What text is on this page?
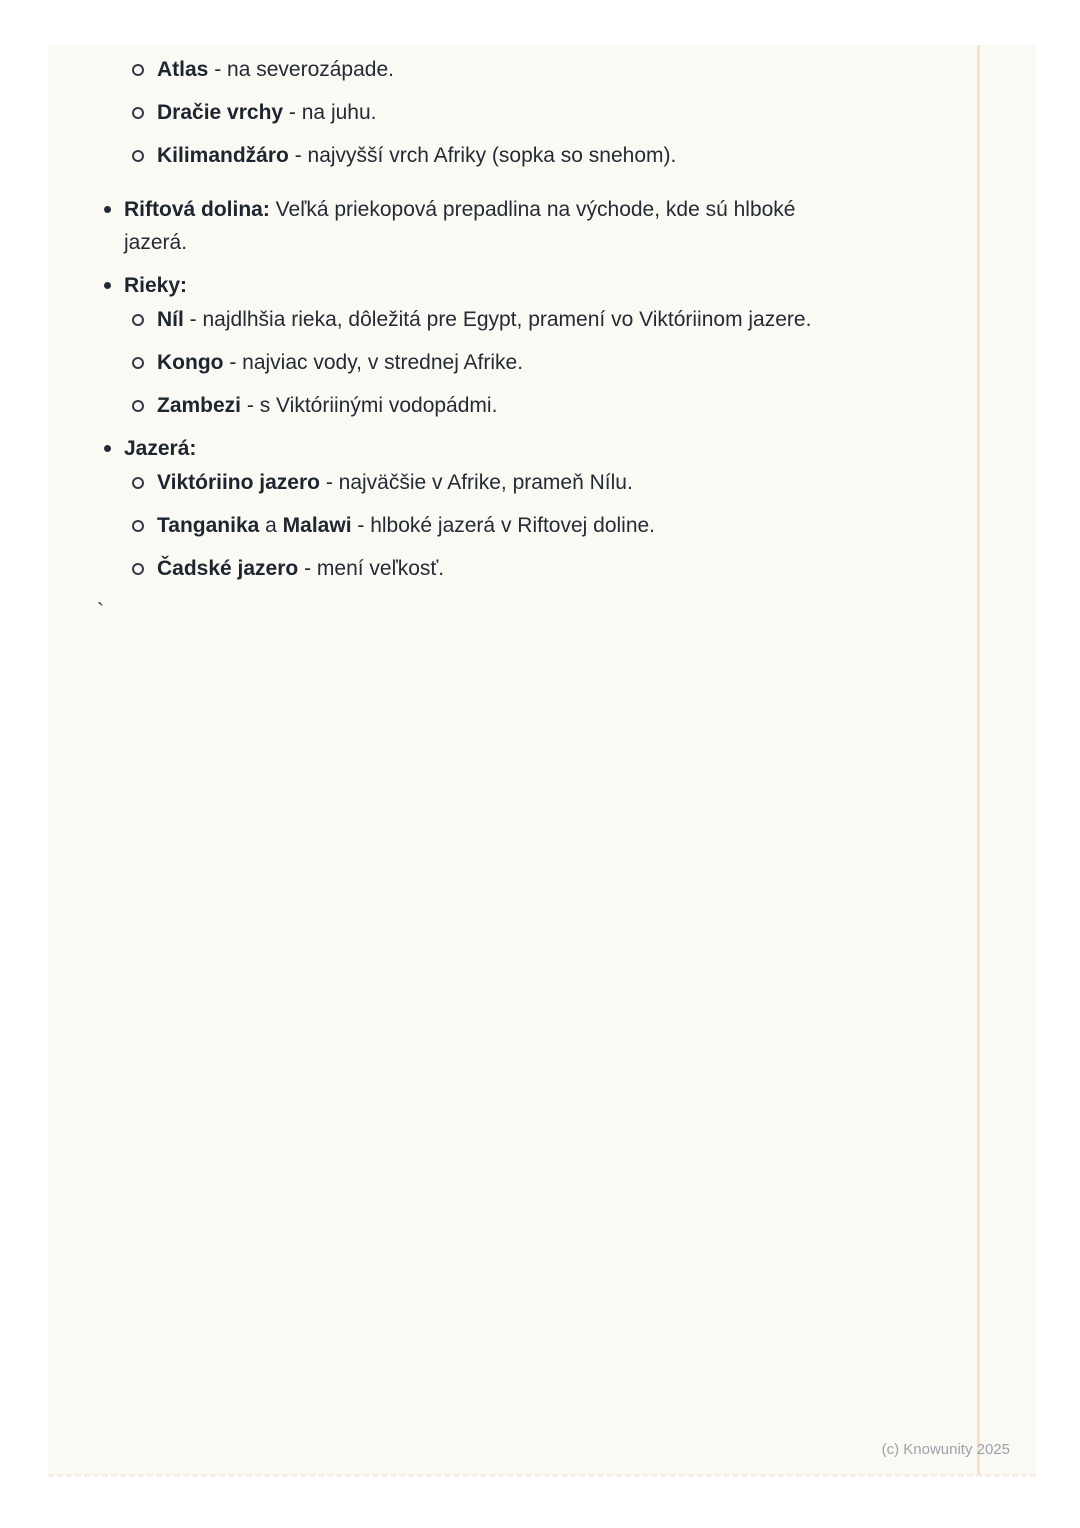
Atlas - na severozápade.
Dračie vrchy - na juhu.
Kilimandžáro - najvyšší vrch Afriky (sopka so snehom).
Riftová dolina: Veľká priekopová prepadlina na východe, kde sú hlboké jazerá.
Rieky:
Níl - najdlhšia rieka, dôležitá pre Egypt, pramení vo Viktóriinom jazere.
Kongo - najviac vody, v strednej Afrike.
Zambezi - s Viktóriinými vodopádmi.
Jazerá:
Viktóriino jazero - najväčšie v Afrike, prameň Nílu.
Tanganika a Malawi - hlboké jazerá v Riftovej doline.
Čadské jazero - mení veľkosť.

`

(c) Knowunity 2025
